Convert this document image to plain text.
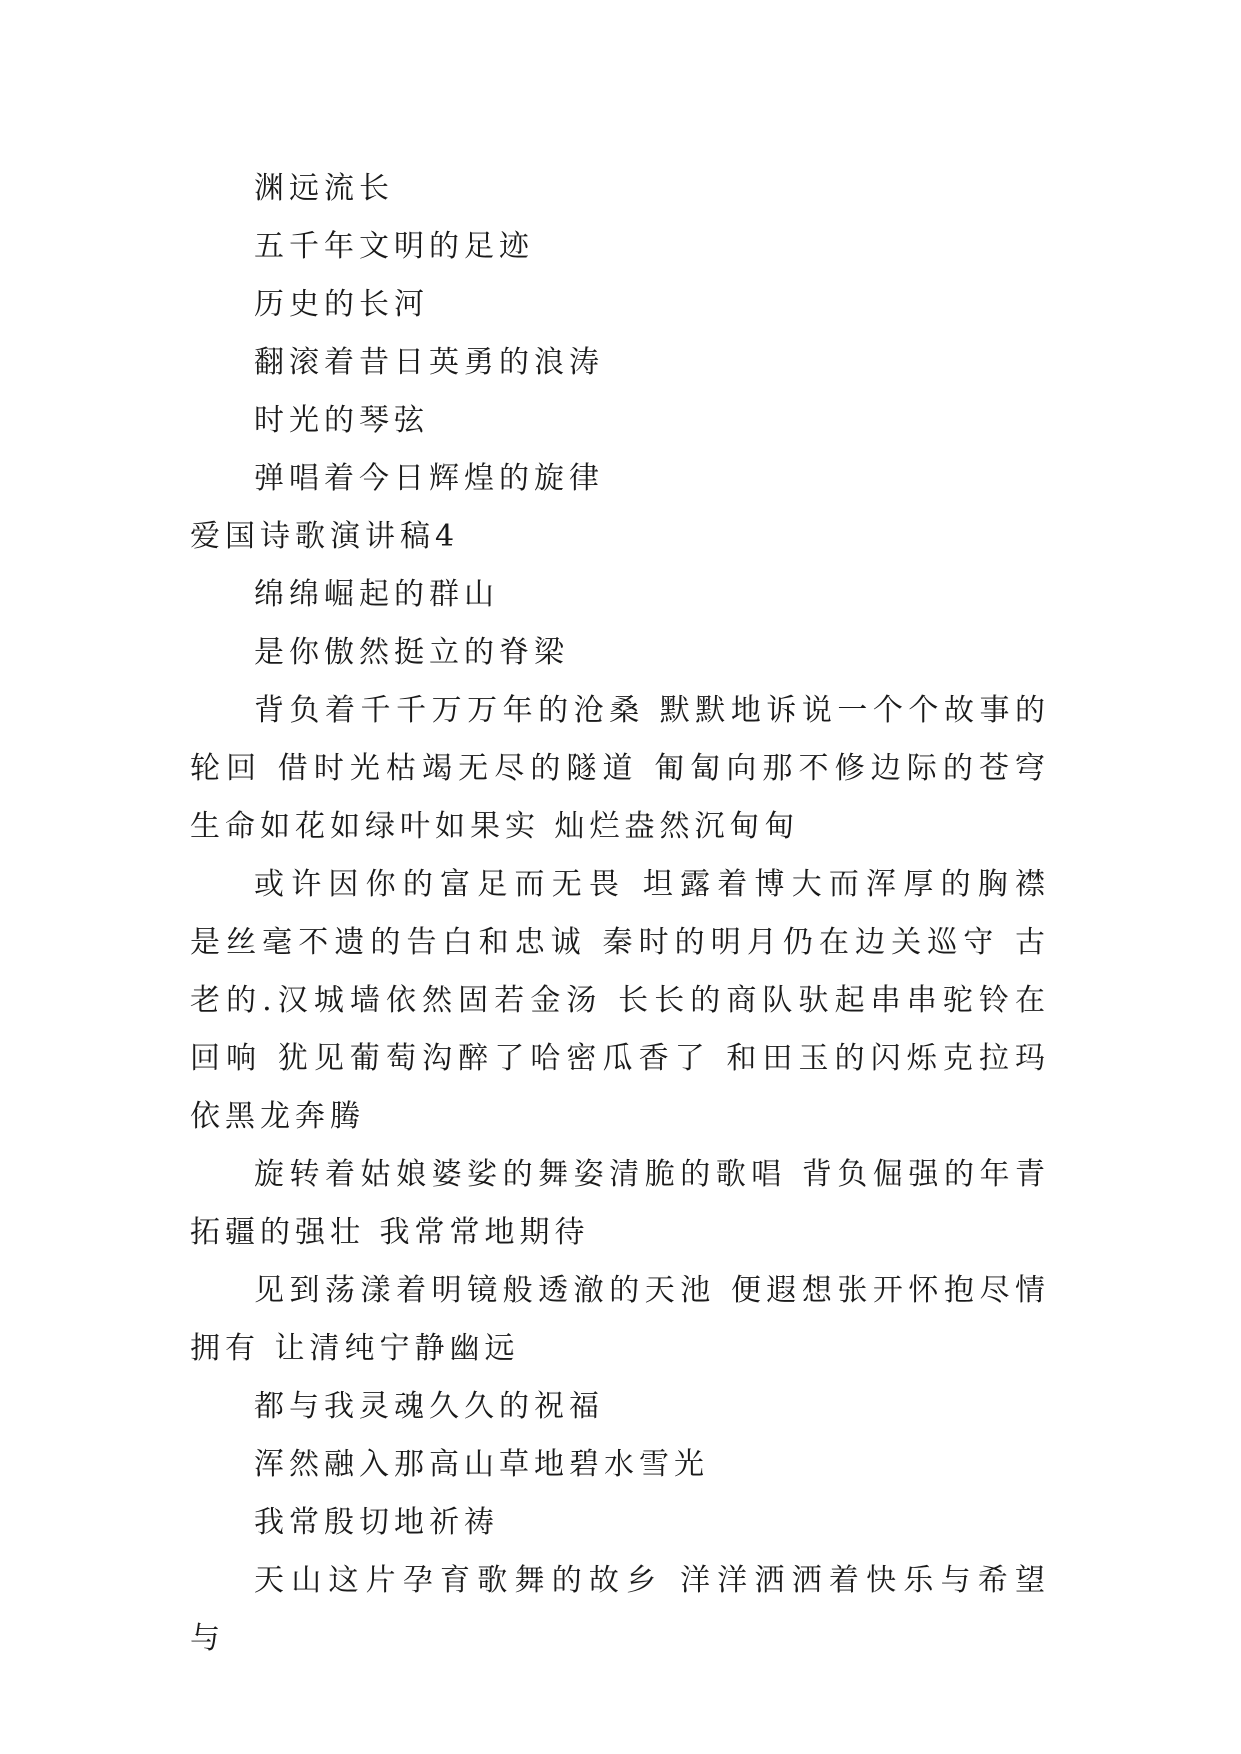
渊远流长
五千年文明的足迹
历史的长河
翻滚着昔日英勇的浪涛
时光的琴弦
弹唱着今日辉煌的旋律
爱国诗歌演讲稿4
绵绵崛起的群山
是你傲然挺立的脊梁
背负着千千万万年的沧桑 默默地诉说一个个故事的轮回 借时光枯竭无尽的隧道 匍匐向那不修边际的苍穹 生命如花如绿叶如果实 灿烂盎然沉甸甸
或许因你的富足而无畏 坦露着博大而浑厚的胸襟 是丝毫不遗的告白和忠诚 秦时的明月仍在边关巡守 古老的.汉城墙依然固若金汤 长长的商队驮起串串驼铃在回响 犹见葡萄沟醉了哈密瓜香了 和田玉的闪烁克拉玛依黑龙奔腾
旋转着姑娘婆娑的舞姿清脆的歌唱 背负倔强的年青拓疆的强壮 我常常地期待
见到荡漾着明镜般透澈的天池 便遐想张开怀抱尽情拥有 让清纯宁静幽远
都与我灵魂久久的祝福
浑然融入那高山草地碧水雪光
我常殷切地祈祷
天山这片孕育歌舞的故乡 洋洋洒洒着快乐与希望 与
